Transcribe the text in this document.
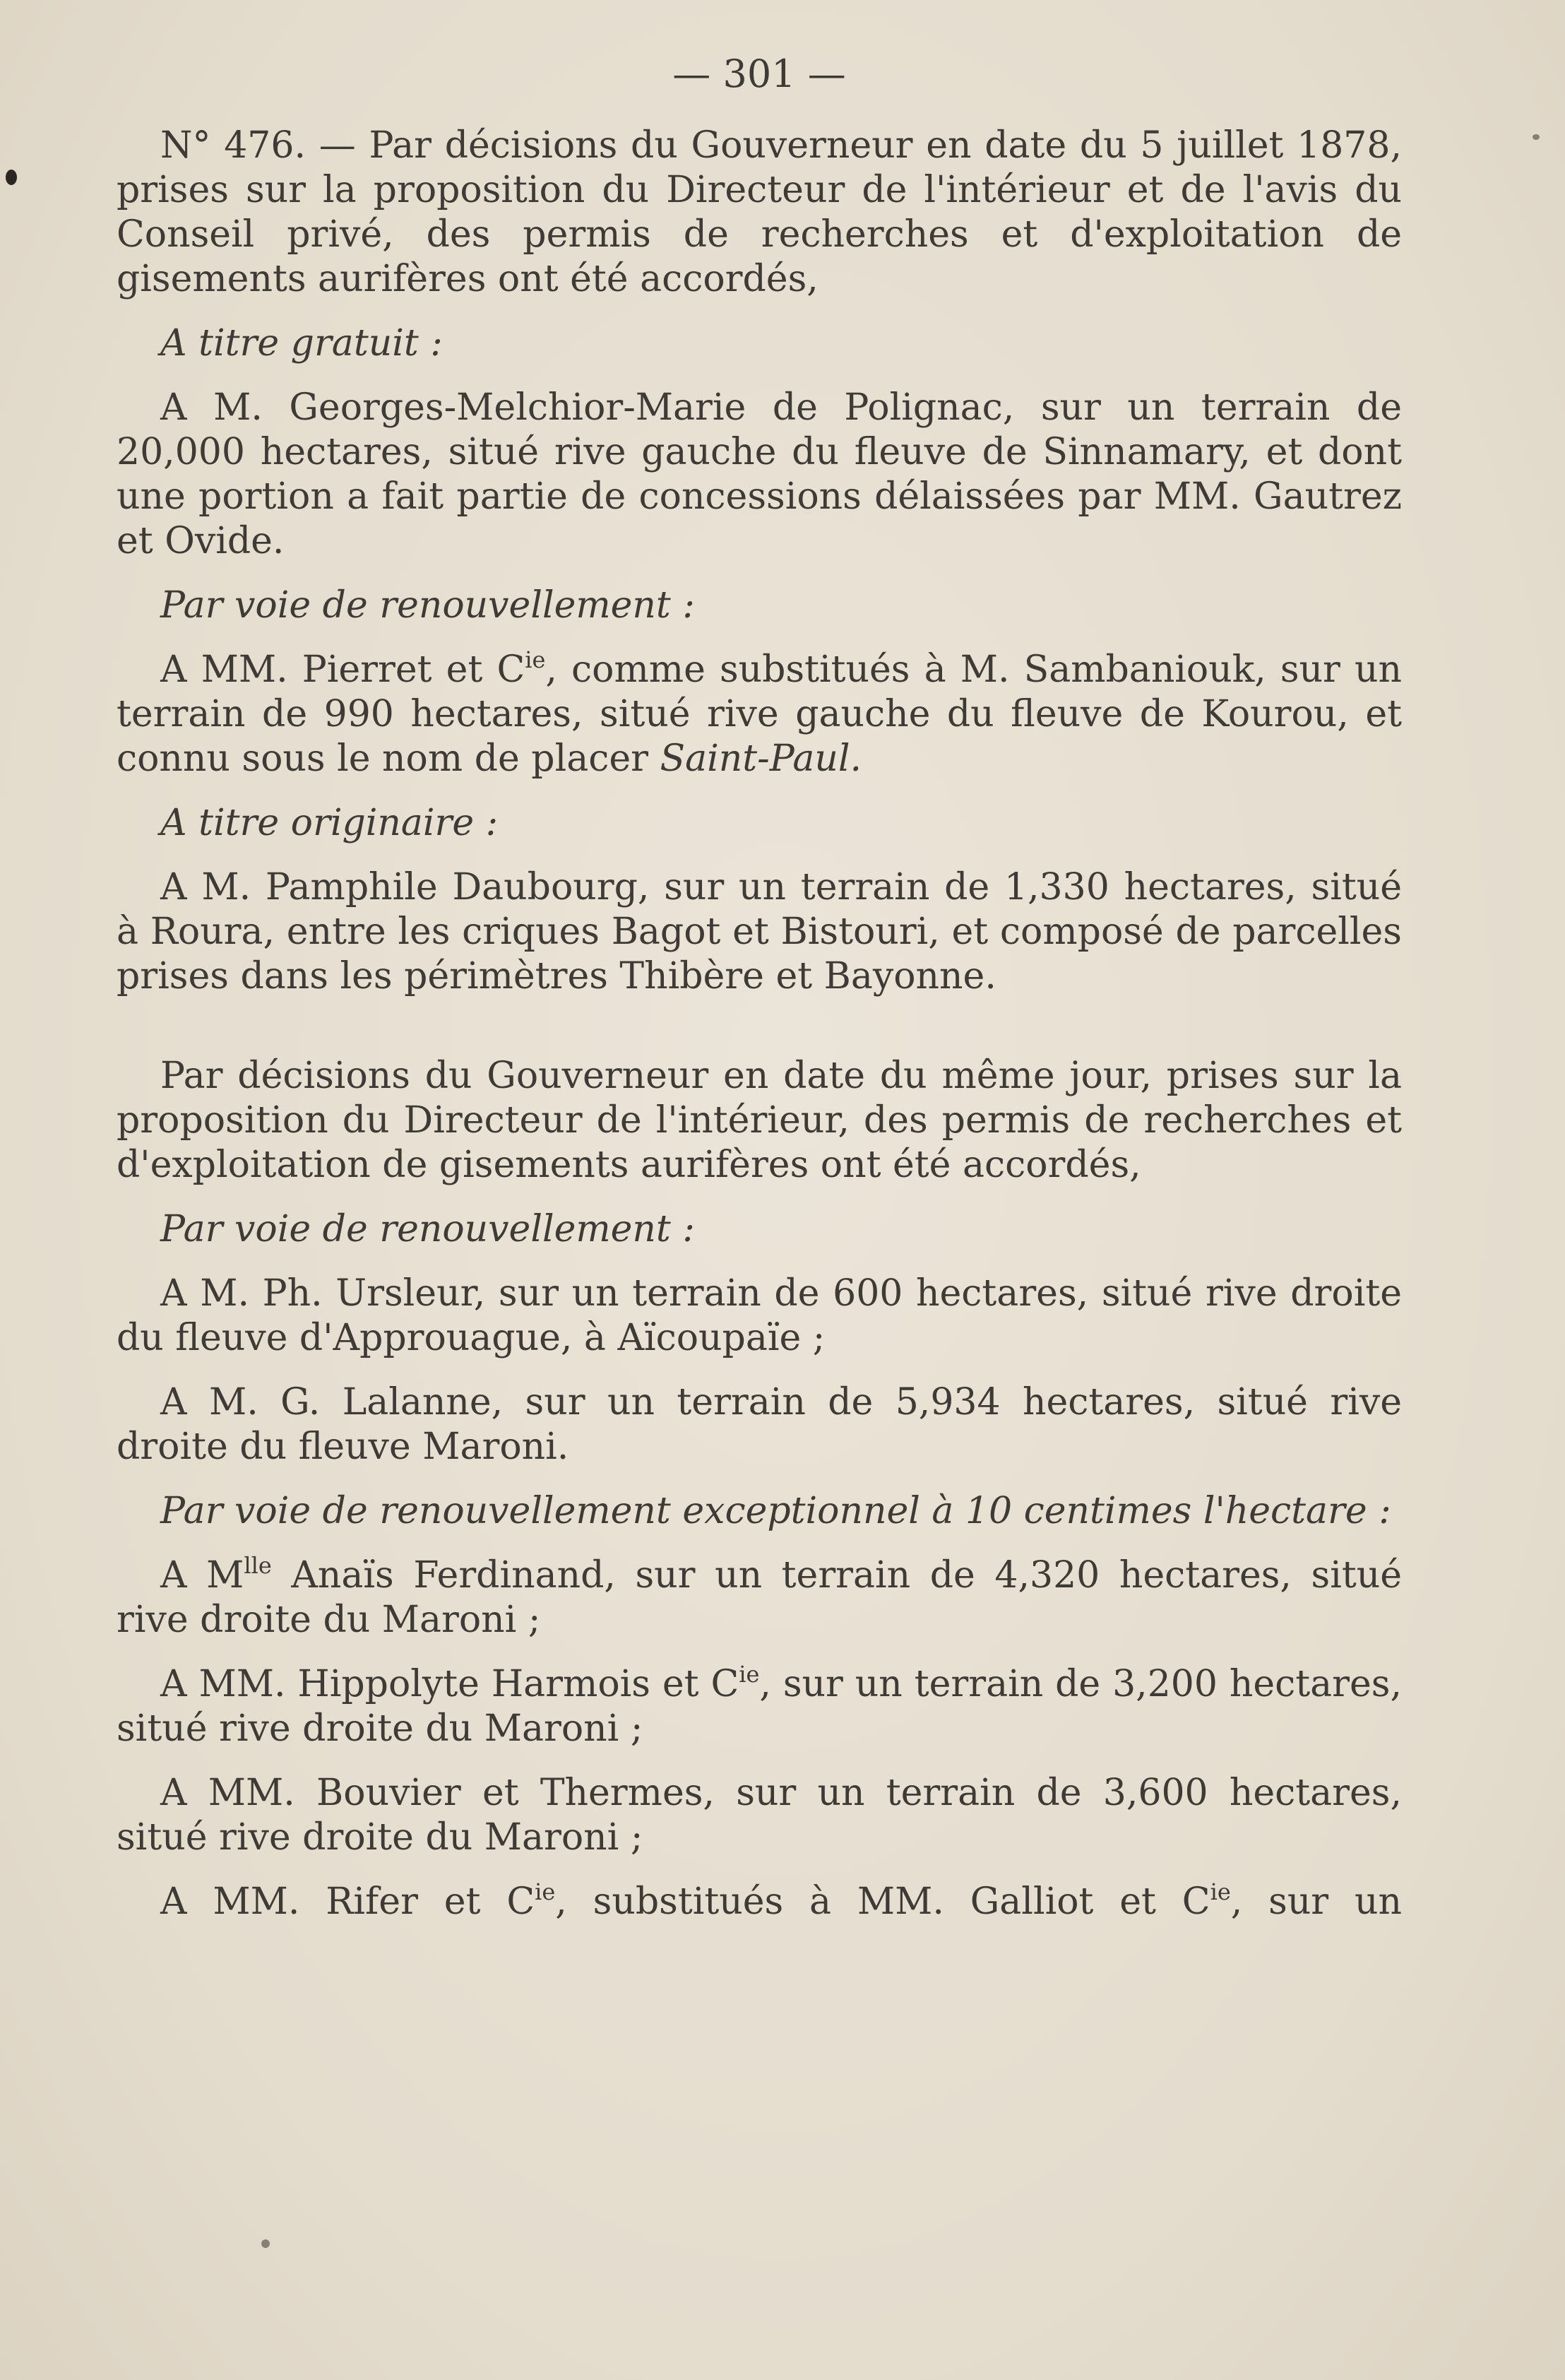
— 301 —

N° 476. — Par décisions du Gouverneur en date du 5 juillet 1878, prises sur la proposition du Directeur de l'intérieur et de l'avis du Conseil privé, des permis de recherches et d'exploitation de gisements aurifères ont été accordés,

A titre gratuit :

A M. Georges-Melchior-Marie de Polignac, sur un terrain de 20,000 hectares, situé rive gauche du fleuve de Sinnamary, et dont une portion a fait partie de concessions délaissées par MM. Gautrez et Ovide.

Par voie de renouvellement :

A MM. Pierret et $C^{ie}$, comme substitués à M. Sambaniouk, sur un terrain de 990 hectares, situé rive gauche du fleuve de Kourou, et connu sous le nom de placer Saint-Paul.

A titre originaire :

A M. Pamphile Daubourg, sur un terrain de 1,330 hectares, situé à Roura, entre les criques Bagot et Bistouri, et composé de parcelles prises dans les périmètres Thibère et Bayonne.

Par décisions du Gouverneur en date du même jour, prises sur la proposition du Directeur de l'intérieur, des permis de recherches et d'exploitation de gisements aurifères ont été accordés,

Par voie de renouvellement :

A M. Ph. Ursleur, sur un terrain de 600 hectares, situé rive droite du fleuve d'Approuague, à Aïcoupaïe ;

A M. G. Lalanne, sur un terrain de 5,934 hectares, situé rive droite du fleuve Maroni.

Par voie de renouvellement exceptionnel à 10 centimes l'hectare :

A $M^{lle}$ Anaïs Ferdinand, sur un terrain de 4,320 hectares, situé rive droite du Maroni ;

A MM. Hippolyte Harmois et $C^{ie}$, sur un terrain de 3,200 hectares, situé rive droite du Maroni ;

A MM. Bouvier et Thermes, sur un terrain de 3,600 hectares, situé rive droite du Maroni ;

A MM. Rifer et $C^{ie}$, substitués à MM. Galliot et $C^{ie}$, sur un
